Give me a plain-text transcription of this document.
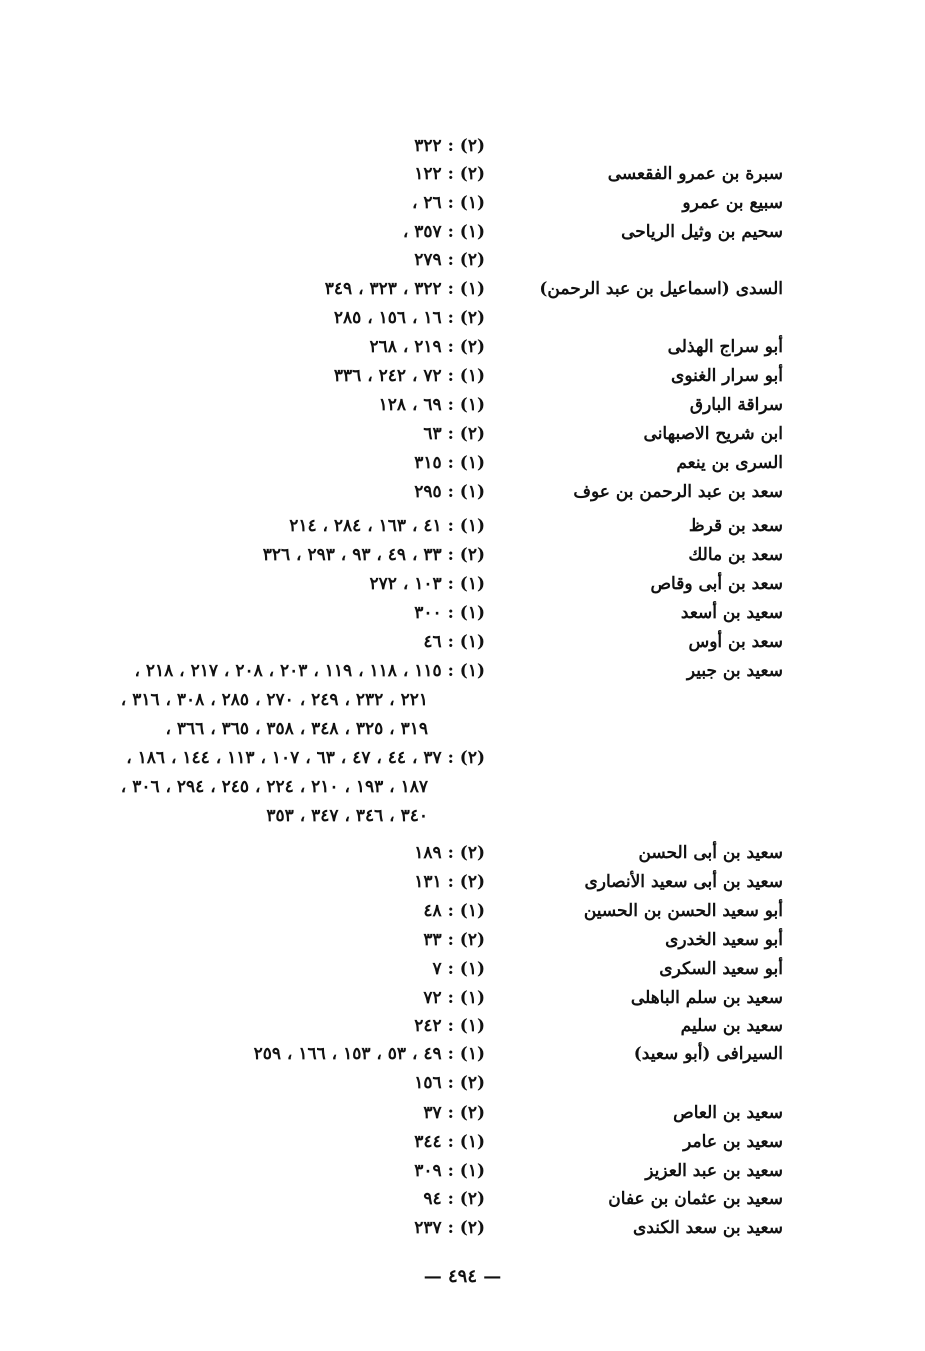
(٢) : ٣٢٢
سبرة بن عمرو الفقعسى
(٢) : ١٢٢
سبيع بن عمرو
(١) : ٢٦ ،
سحيم بن وثيل الرياحى
(١) : ٣٥٧ ،
(٢) : ٢٧٩
السدى (اسماعيل بن عبد الرحمن)
(١) : ٣٢٢ ، ٣٢٣ ، ٣٤٩
(٢) : ١٦ ، ١٥٦ ، ٢٨٥
أبو سراج الهذلى
(٢) : ٢١٩ ، ٢٦٨
أبو سرار الغنوى
(١) : ٧٢ ، ٢٤٢ ، ٣٣٦
سراقة البارق
(١) : ٦٩ ، ١٢٨
ابن شريح الاصبهانى
(٢) : ٦٣
السرى بن ينعم
(١) : ٣١٥
سعد بن عبد الرحمن بن عوف
(١) : ٢٩٥
سعد بن قرظ
(١) : ٤١ ، ١٦٣ ، ٢٨٤ ، ٢١٤
سعد بن مالك
(٢) : ٣٣ ، ٤٩ ، ٩٣ ، ٢٩٣ ، ٣٢٦
سعد بن أبى وقاص
(١) : ١٠٣ ، ٢٧٢
سعيد بن أسعد
(١) : ٣٠٠
سعد بن أوس
(١) : ٤٦
سعيد بن جبير
(١) : ١١٥ ، ١١٨ ، ١١٩ ، ٢٠٣ ، ٢٠٨ ، ٢١٧ ، ٢١٨ ،
٢٢١ ، ٢٣٢ ، ٢٤٩ ، ٢٧٠ ، ٢٨٥ ، ٣٠٨ ، ٣١٦ ،
٣١٩ ، ٣٢٥ ، ٣٤٨ ، ٣٥٨ ، ٣٦٥ ، ٣٦٦ ،
(٢) : ٣٧ ، ٤٤ ، ٤٧ ، ٦٣ ، ١٠٧ ، ١١٣ ، ١٤٤ ، ١٨٦ ،
١٨٧ ، ١٩٣ ، ٢١٠ ، ٢٢٤ ، ٢٤٥ ، ٢٩٤ ، ٣٠٦ ،
٣٤٠ ، ٣٤٦ ، ٣٤٧ ، ٣٥٣
سعيد بن أبى الحسن
(٢) : ١٨٩
سعيد بن أبى سعيد الأنصارى
(٢) : ١٣١
أبو سعيد الحسن بن الحسين
(١) : ٤٨
أبو سعيد الخدرى
(٢) : ٣٣
أبو سعيد السكرى
(١) : ٧
سعيد بن سلم الباهلى
(١) : ٧٢
سعيد بن سليم
(١) : ٢٤٢
السيرافى (أبو سعيد)
(١) : ٤٩ ، ٥٣ ، ١٥٣ ، ١٦٦ ، ٢٥٩
(٢) : ١٥٦
سعيد بن العاص
(٢) : ٣٧
سعيد بن عامر
(١) : ٣٤٤
سعيد بن عبد العزيز
(١) : ٣٠٩
سعيد بن عثمان بن عفان
(٢) : ٩٤
سعيد بن سعد الكندى
(٢) : ٢٣٧
— ٤٩٤ —
